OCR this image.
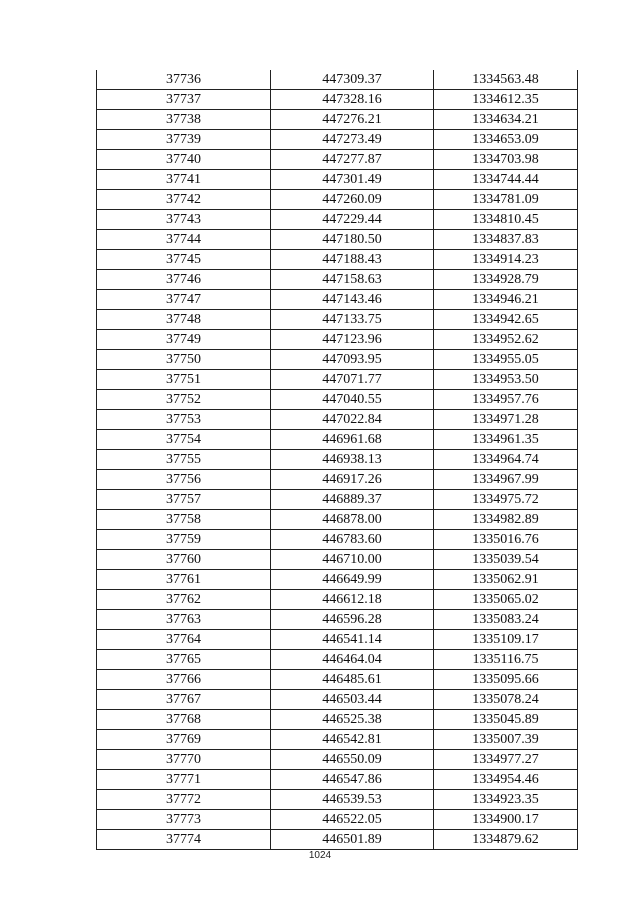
37736	447309.37	1334563.48
37737	447328.16	1334612.35
37738	447276.21	1334634.21
37739	447273.49	1334653.09
37740	447277.87	1334703.98
37741	447301.49	1334744.44
37742	447260.09	1334781.09
37743	447229.44	1334810.45
37744	447180.50	1334837.83
37745	447188.43	1334914.23
37746	447158.63	1334928.79
37747	447143.46	1334946.21
37748	447133.75	1334942.65
37749	447123.96	1334952.62
37750	447093.95	1334955.05
37751	447071.77	1334953.50
37752	447040.55	1334957.76
37753	447022.84	1334971.28
37754	446961.68	1334961.35
37755	446938.13	1334964.74
37756	446917.26	1334967.99
37757	446889.37	1334975.72
37758	446878.00	1334982.89
37759	446783.60	1335016.76
37760	446710.00	1335039.54
37761	446649.99	1335062.91
37762	446612.18	1335065.02
37763	446596.28	1335083.24
37764	446541.14	1335109.17
37765	446464.04	1335116.75
37766	446485.61	1335095.66
37767	446503.44	1335078.24
37768	446525.38	1335045.89
37769	446542.81	1335007.39
37770	446550.09	1334977.27
37771	446547.86	1334954.46
37772	446539.53	1334923.35
37773	446522.05	1334900.17
37774	446501.89	1334879.62
1024
